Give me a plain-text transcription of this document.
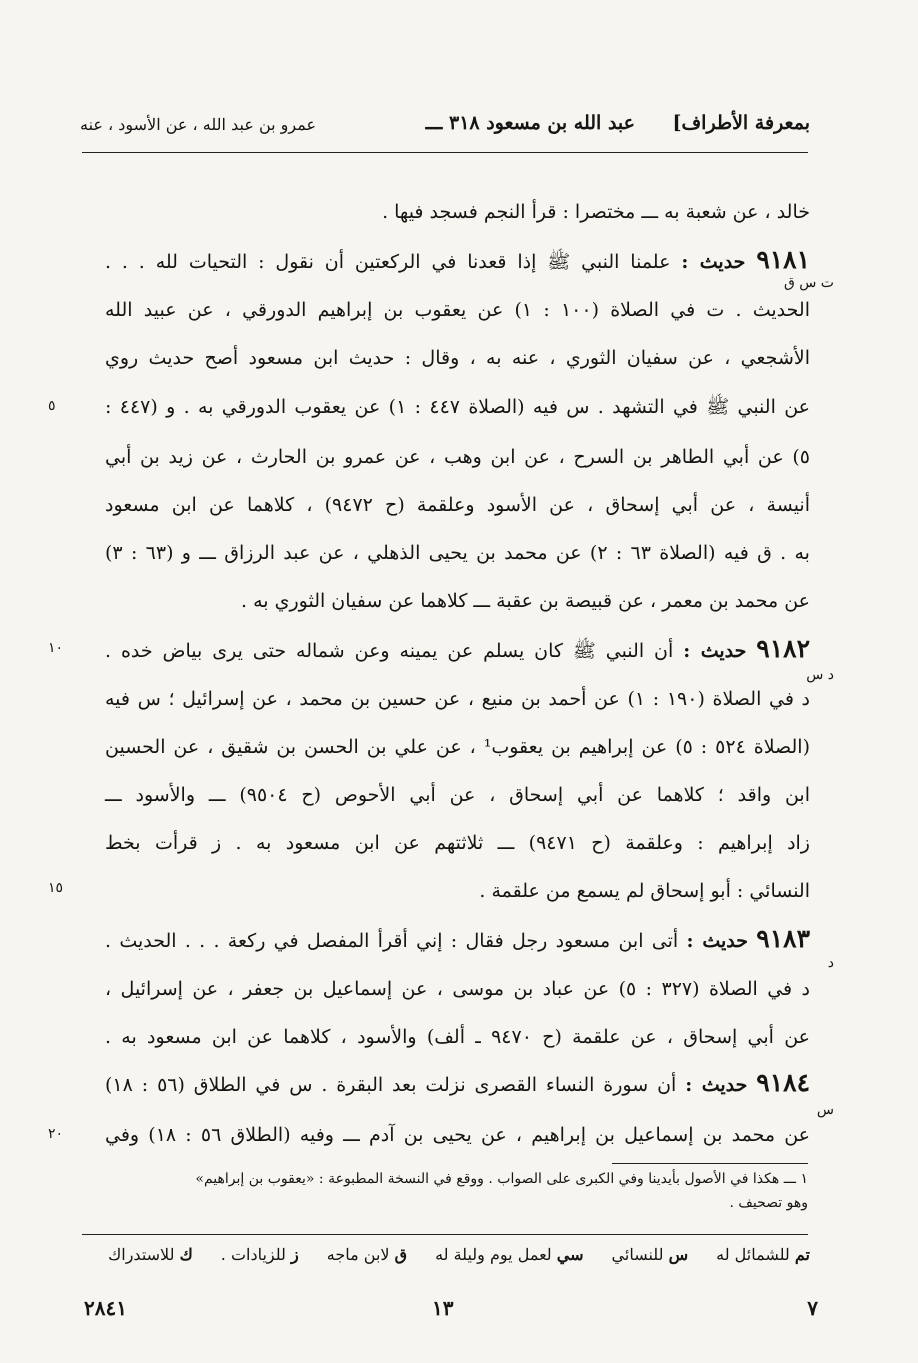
بمعرفة الأطراف]
عبد الله بن مسعود ٣١٨ ـــ
عمرو بن عبد الله ، عن الأسود ، عنه
خالد ، عن شعبة به ـــ مختصرا : قرأ النجم فسجد فيها .
٩١٨١ حديث : علمنا النبي ﷺ إذا قعدنا في الركعتين أن نقول : التحيات لله . . .
الحديث . ت في الصلاة (١٠٠ : ١) عن يعقوب بن إبراهيم الدورقي ، عن عبيد الله
الأشجعي ، عن سفيان الثوري ، عنه به ، وقال : حديث ابن مسعود أصح حديث روي
عن النبي ﷺ في التشهد . س فيه (الصلاة ٤٤٧ : ١) عن يعقوب الدورقي به . و (٤٤٧ :
٥) عن أبي الطاهر بن السرح ، عن ابن وهب ، عن عمرو بن الحارث ، عن زيد بن أبي
أنيسة ، عن أبي إسحاق ، عن الأسود وعلقمة (ح ٩٤٧٢) ، كلاهما عن ابن مسعود
به . ق فيه (الصلاة ٦٣ : ٢) عن محمد بن يحيى الذهلي ، عن عبد الرزاق ـــ و (٦٣ : ٣)
عن محمد بن معمر ، عن قبيصة بن عقبة ـــ كلاهما عن سفيان الثوري به .
٩١٨٢ حديث : أن النبي ﷺ كان يسلم عن يمينه وعن شماله حتى يرى بياض خده .
د في الصلاة (١٩٠ : ١) عن أحمد بن منيع ، عن حسين بن محمد ، عن إسرائيل ؛ س فيه
(الصلاة ٥٢٤ : ٥) عن إبراهيم بن يعقوب¹ ، عن علي بن الحسن بن شقيق ، عن الحسين
ابن واقد ؛ كلاهما عن أبي إسحاق ، عن أبي الأحوص (ح ٩٥٠٤) ـــ والأسود ـــ
زاد إبراهيم : وعلقمة (ح ٩٤٧١) ـــ ثلاثتهم عن ابن مسعود به . ز قرأت بخط
النسائي : أبو إسحاق لم يسمع من علقمة .
٩١٨٣ حديث : أتى ابن مسعود رجل فقال : إني أقرأ المفصل في ركعة . . . الحديث .
د في الصلاة (٣٢٧ : ٥) عن عباد بن موسى ، عن إسماعيل بن جعفر ، عن إسرائيل ،
عن أبي إسحاق ، عن علقمة (ح ٩٤٧٠ ـ ألف) والأسود ، كلاهما عن ابن مسعود به .
٩١٨٤ حديث : أن سورة النساء القصرى نزلت بعد البقرة . س في الطلاق (٥٦ : ١٨)
عن محمد بن إسماعيل بن إبراهيم ، عن يحيى بن آدم ـــ وفيه (الطلاق ٥٦ : ١٨) وفي
ت س ق
د س
د
س
٥
١٠
١٥
٢٠
١ ـــ هكذا في الأصول بأيدينا وفي الكبرى على الصواب . ووقع في النسخة المطبوعة : «يعقوب بن إبراهيم»
وهو تصحيف .
تم للشمائل له
س للنسائي
سي لعمل يوم وليلة له
ق لابن ماجه
ز للزيادات .
ك للاستدراك
٧
١٣
٢٨٤١
